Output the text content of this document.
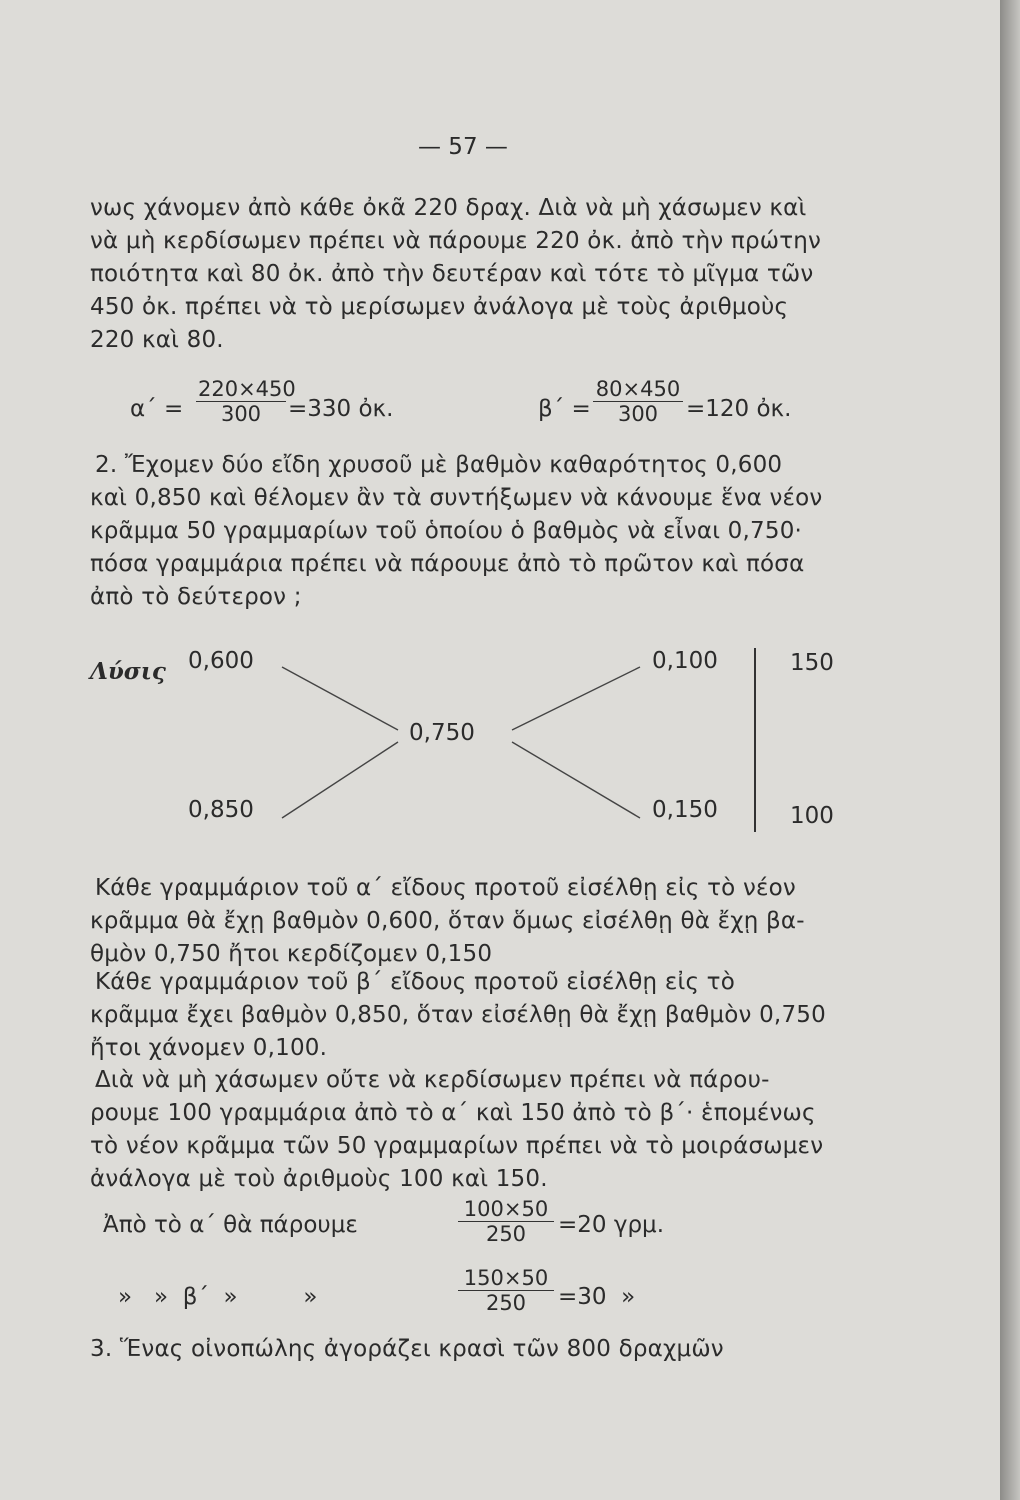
— 57 —

νως χάνομεν ἀπὸ κάθε ὀκᾶ 220 δραχ. Διὰ νὰ μὴ χάσωμεν καὶ

νὰ μὴ κερδίσωμεν πρέπει νὰ πάρουμε 220 ὀκ. ἀπὸ τὴν πρώτην

ποιότητα καὶ 80 ὀκ. ἀπὸ τὴν δευτέραν καὶ τότε τὸ μῖγμα τῶν

450 ὀκ. πρέπει νὰ τὸ μερίσωμεν ἀνάλογα μὲ τοὺς ἀριθμοὺς

220 καὶ 80.

$\alpha΄ = \frac{220\times 450}{300} =330$ ὀκ.	$\beta΄ = \frac{80\times 450}{300} =120$ ὀκ.

2. Ἔχομεν δύο εἴδη χρυσοῦ μὲ βαθμὸν καθαρότητος 0,600

καὶ 0,850 καὶ θέλομεν ἂν τὰ συντήξωμεν νὰ κάνουμε ἕνα νέον

κρᾶμμα 50 γραμμαρίων τοῦ ὁποίου ὁ βαθμὸς νὰ εἶναι 0,750·

πόσα γραμμάρια πρέπει νὰ πάρουμε ἀπὸ τὸ πρῶτον καὶ πόσα

ἀπὸ τὸ δεύτερον ;

Λύσις 0,600
0,850
0,750
0,100
0,150
150
100

Κάθε γραμμάριον τοῦ α΄ εἴδους προτοῦ εἰσέλθῃ εἰς τὸ νέον

κρᾶμμα θὰ ἔχῃ βαθμὸν 0,600, ὅταν ὅμως εἰσέλθῃ θὰ ἔχῃ βα-

θμὸν 0,750 ἤτοι κερδίζομεν 0,150

Κάθε γραμμάριον τοῦ β΄ εἴδους προτοῦ εἰσέλθῃ εἰς τὸ

κρᾶμμα ἔχει βαθμὸν 0,850, ὅταν εἰσέλθῃ θὰ ἔχῃ βαθμὸν 0,750

ἤτοι χάνομεν 0,100.

Διὰ νὰ μὴ χάσωμεν οὔτε νὰ κερδίσωμεν πρέπει νὰ πάρου-

ρουμε 100 γραμμάρια ἀπὸ τὸ α΄ καὶ 150 ἀπὸ τὸ β΄· ἑπομένως

τὸ νέον κρᾶμμα τῶν 50 γραμμαρίων πρέπει νὰ τὸ μοιράσωμεν

ἀνάλογα μὲ τοὺ ἀριθμοὺς 100 καὶ 150.

Ἀπὸ τὸ α΄ θὰ πάρουμε	$\frac{100\times 50}{250} =20$ γρμ.
»   »  β΄  »         »	$\frac{150\times 50}{250} =30$  »

3. Ἕνας οἰνοπώλης ἀγοράζει κρασὶ τῶν 800 δραχμῶν
